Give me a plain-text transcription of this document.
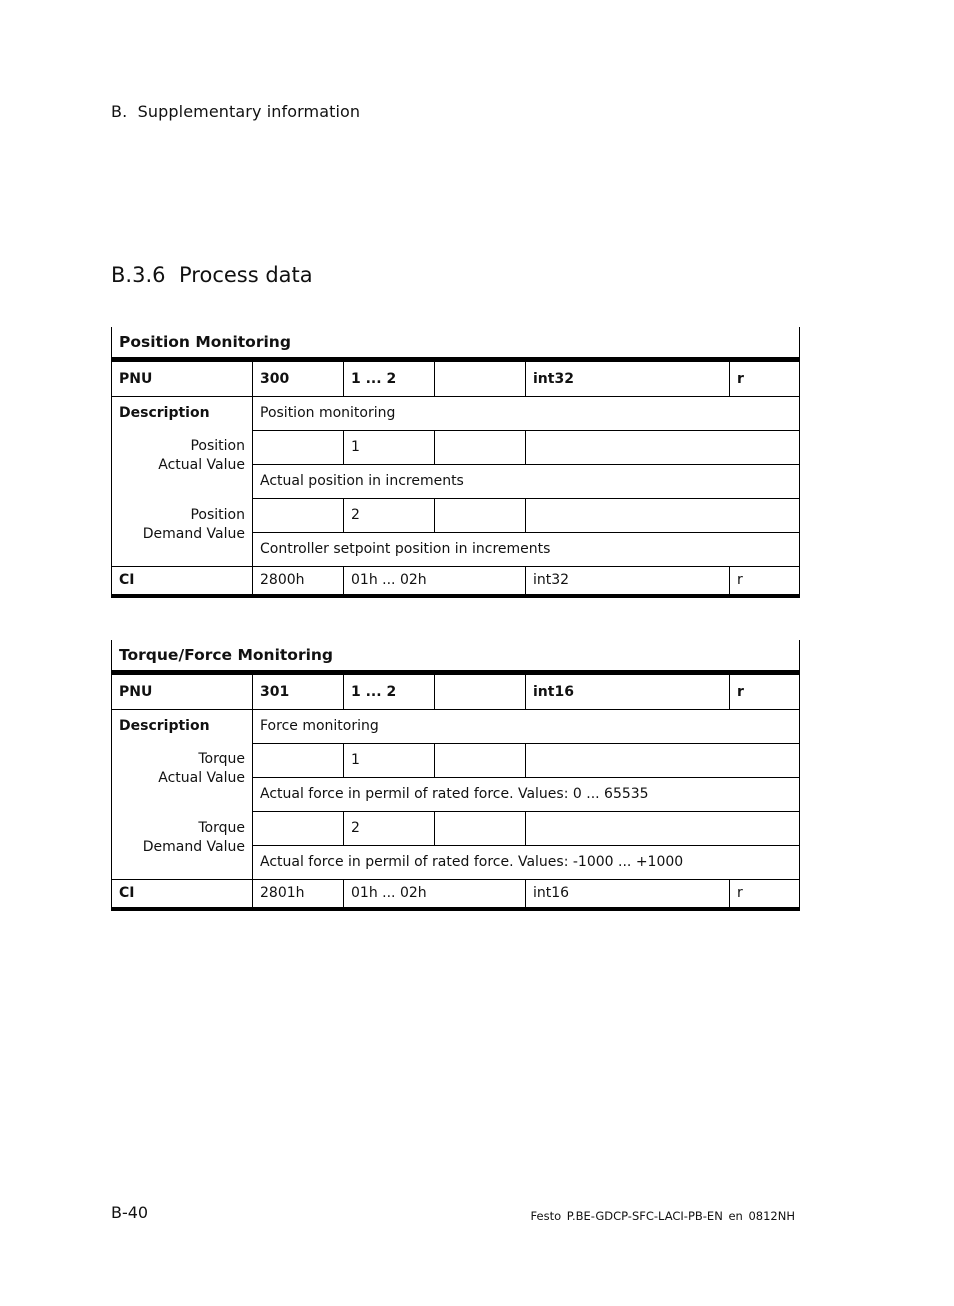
B. Supplementary information
B.3.6 Process data
Position Monitoring					
PNU	300	1 ... 2		int32	r
Description	Position monitoring				
Position
Actual Value		1			
	Actual position in increments				
Position
Demand Value		2			
	Controller setpoint position in increments				
CI	2800h	01h ... 02h		int32	r
Torque/Force Monitoring					
PNU	301	1 ... 2		int16	r
Description	Force monitoring				
Torque
Actual Value		1			
	Actual force in permil of rated force. Values: 0 ... 65535				
Torque
Demand Value		2			
	Actual force in permil of rated force. Values: -1000 ... +1000				
CI	2801h	01h ... 02h		int16	r
B-40	Festo P.BE-GDCP-SFC-LACI-PB-EN en 0812NH
